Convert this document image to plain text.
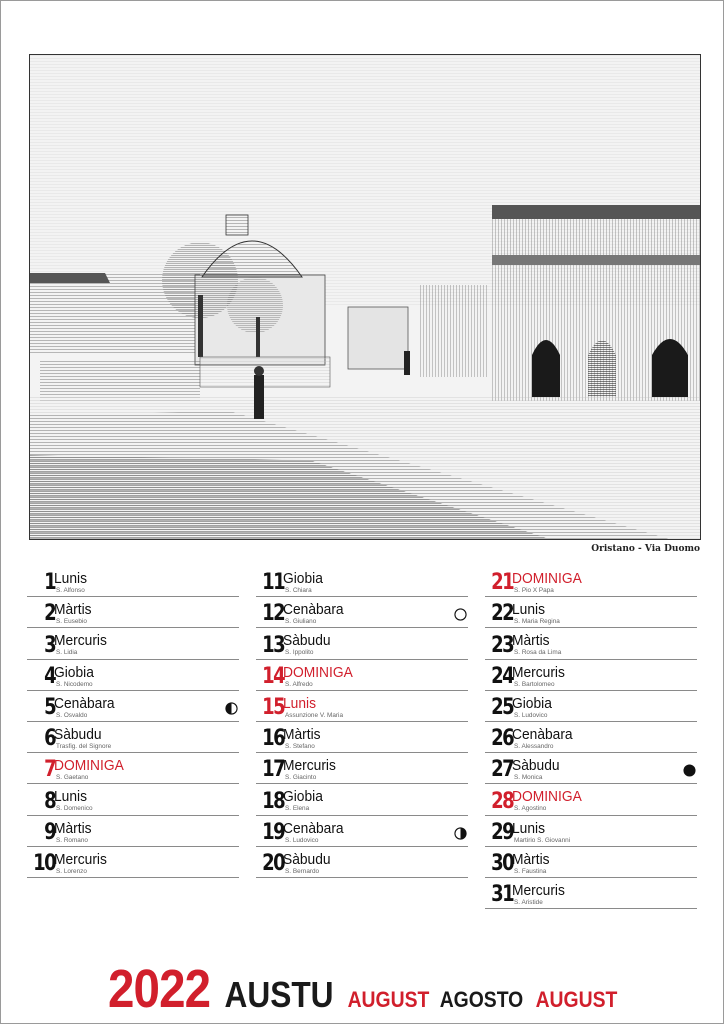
Oristano - Via Duomo
1 Lunis
S. Alfonso
2 Màrtis
S. Eusebio
3 Mercuris
S. Lidia
4 Giobia
S. Nicodemo
5 Cenàbara
S. Osvaldo
6 Sàbudu
Trasfig. del Signore
7 DOMINIGA
S. Gaetano
8 Lunis
S. Domenico
9 Màrtis
S. Romano
10 Mercuris
S. Lorenzo
11 Giobia
S. Chiara
12 Cenàbara
S. Giuliano
13 Sàbudu
S. Ippolito
14 DOMINIGA
S. Alfredo
15 Lunis
Assunzione V. Maria
16 Màrtis
S. Stefano
17 Mercuris
S. Giacinto
18 Giobia
S. Elena
19 Cenàbara
S. Ludovico
20 Sàbudu
S. Bernardo
21 DOMINIGA
S. Pio X Papa
22 Lunis
S. Maria Regina
23 Màrtis
S. Rosa da Lima
24 Mercuris
S. Bartolomeo
25 Giobia
S. Ludovico
26 Cenàbara
S. Alessandro
27 Sàbudu
S. Monica
28 DOMINIGA
S. Agostino
29 Lunis
Martirio S. Giovanni
30 Màrtis
S. Faustina
31 Mercuris
S. Aristide
2022 AUSTU AUGUST AGOSTO AUGUST
